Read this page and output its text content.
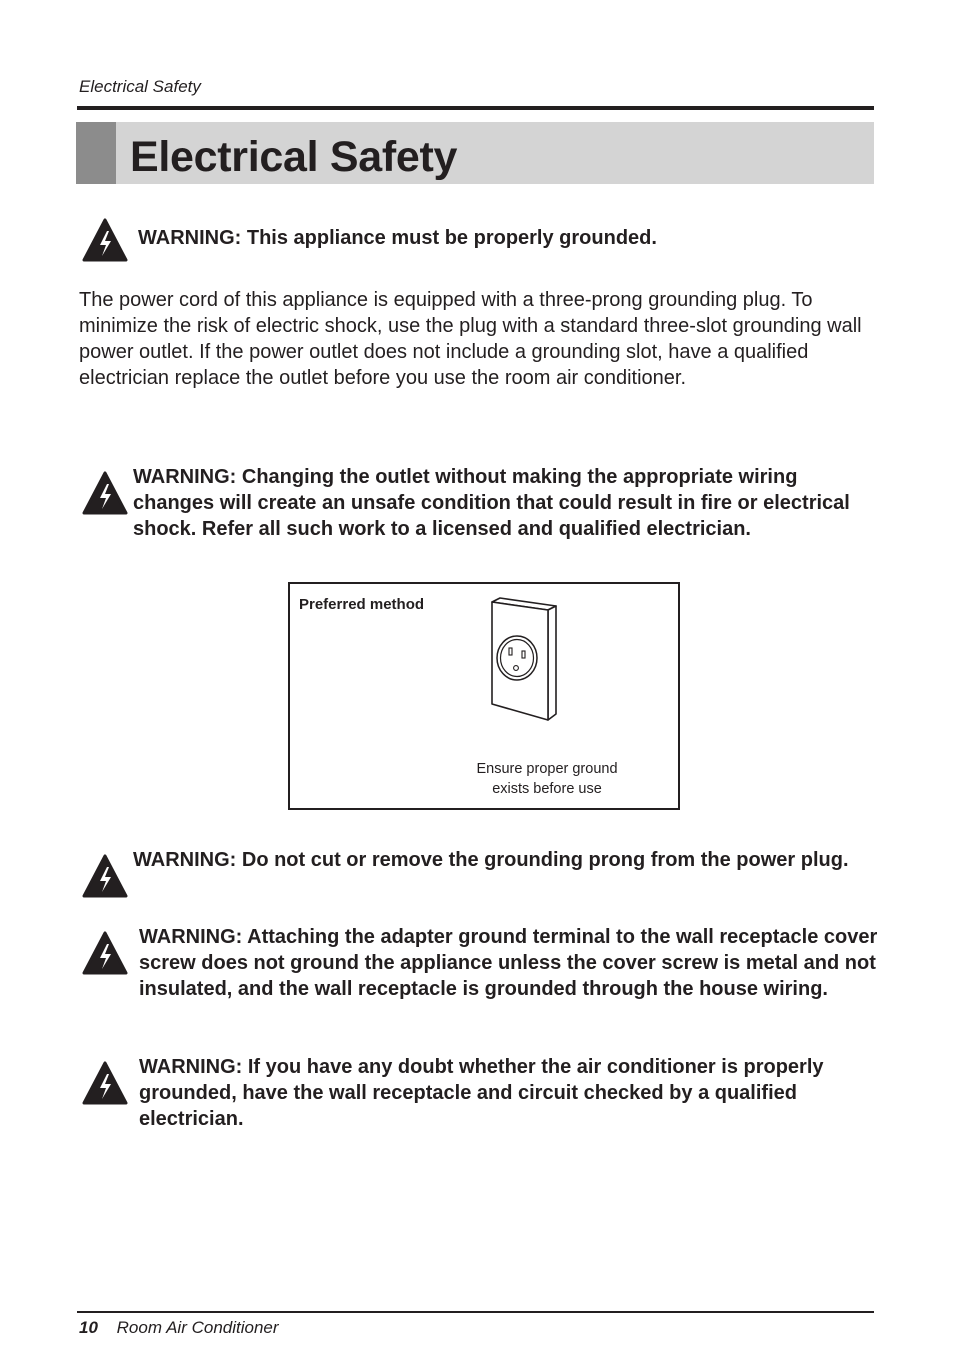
Electrical Safety
Electrical Safety
WARNING: This appliance must be properly grounded.
The power cord of this appliance is equipped with a three-prong grounding plug. To minimize the risk of electric shock, use the plug with a standard three-slot grounding wall power outlet. If the power outlet does not include a grounding slot, have a qualified electrician replace the outlet before you use the room air conditioner.
WARNING: Changing the outlet without making the appropriate wiring changes will create an unsafe condition that could result in fire or electrical shock. Refer all such work to a licensed and qualified electrician.
Preferred method
Ensure proper ground
exists before use
WARNING: Do not cut or remove the grounding prong from the power plug.
WARNING: Attaching the adapter ground terminal to the wall receptacle cover screw does not ground the appliance unless the cover screw is metal and not insulated, and the wall receptacle is grounded through the house wiring.
WARNING: If you have any doubt whether the air conditioner is properly grounded, have the wall receptacle and circuit checked by a qualified electrician.
10 Room Air Conditioner
